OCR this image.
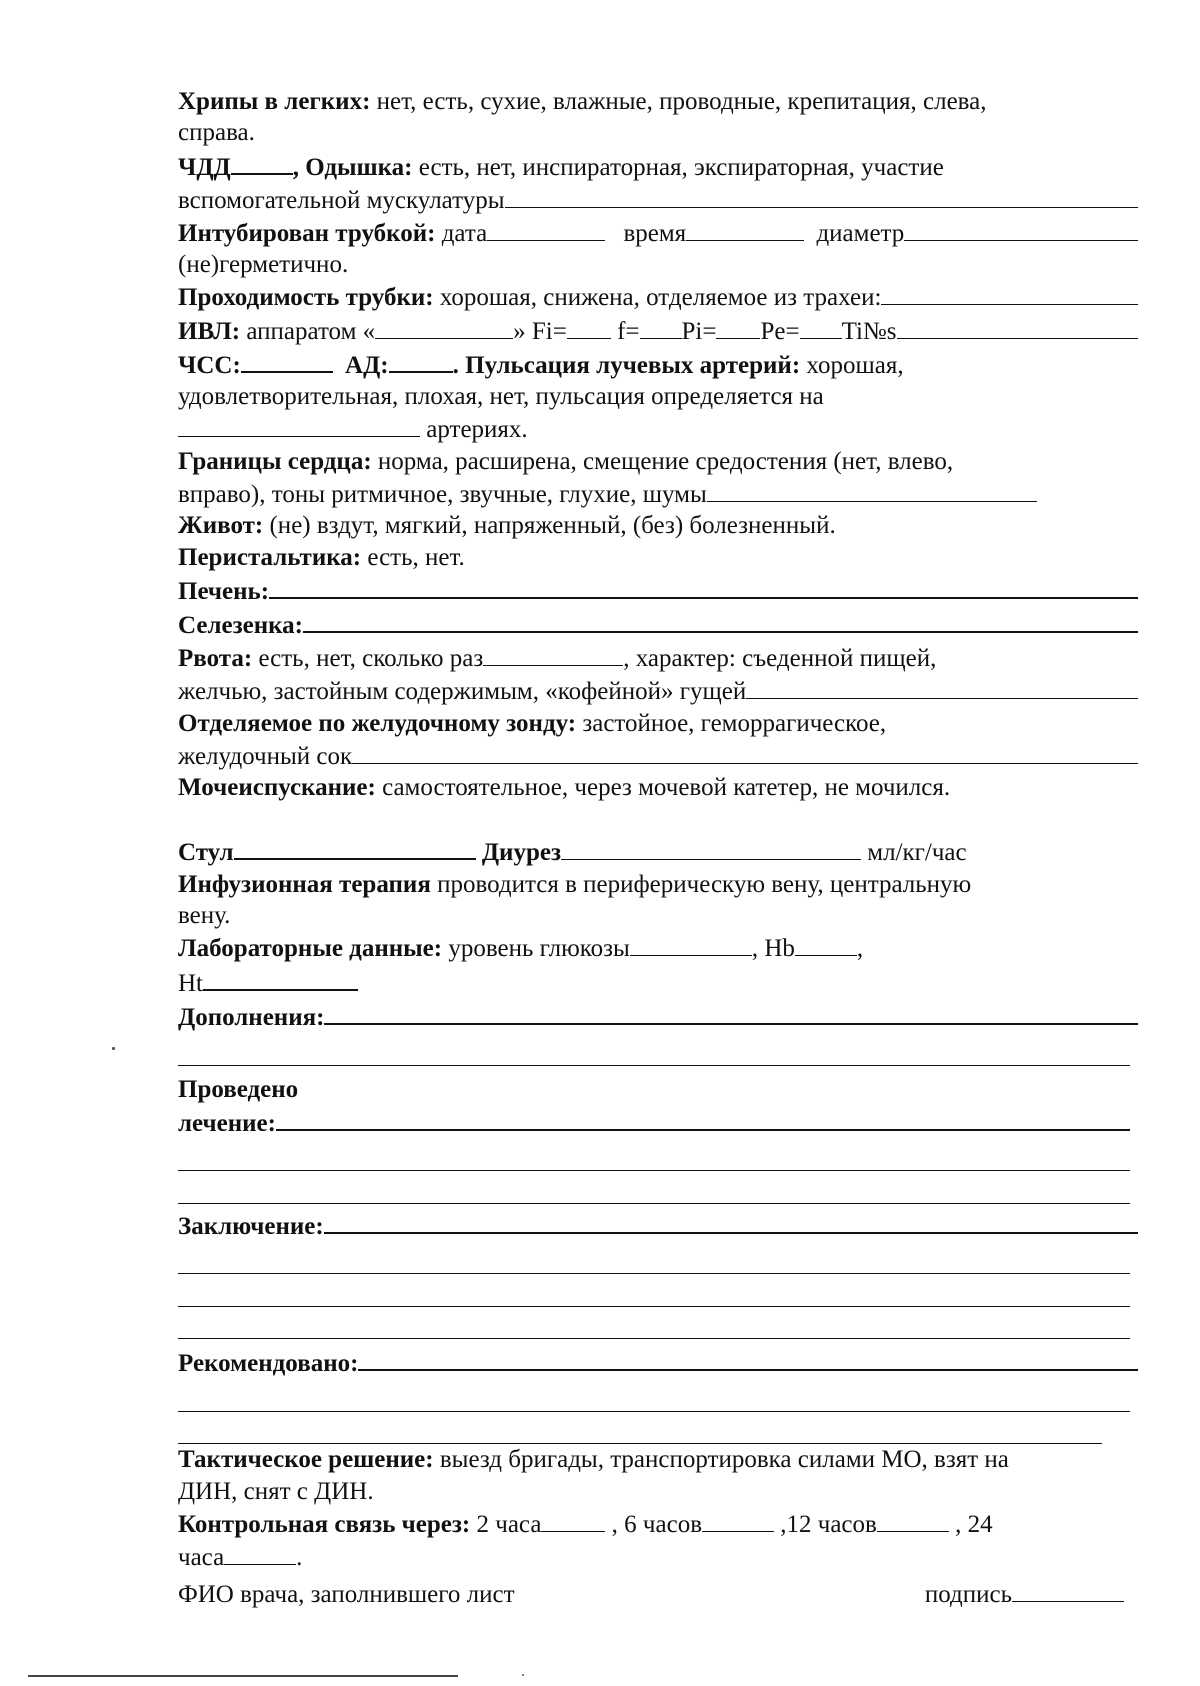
Хрипы в легких: нет, есть, сухие, влажные, проводные, крепитация, слева,
справа.
ЧДД , Одышка: есть, нет, инспираторная, экспираторная, участие
вспомогательной мускулатуры
Интубирован трубкой: дата	время	диаметр
(не)герметично.
Проходимость трубки: хорошая, снижена, отделяемое из трахеи:
ИВЛ: аппаратом «	» Fi= f= Pi= Pe= Ti№s
ЧСС:	АД:	. Пульсация лучевых артерий: хорошая,
удовлетворительная, плохая, нет, пульсация определяется на
артериях.
Границы сердца: норма, расширена, смещение средостения (нет, влево,
вправо), тоны ритмичное, звучные, глухие, шумы
Живот: (не) вздут, мягкий, напряженный, (без) болезненный.
Перистальтика: есть, нет.
Печень:
Селезенка:
Рвота: есть, нет, сколько раз	, характер: съеденной пищей,
желчью, застойным содержимым, «кофейной» гущей
Отделяемое по желудочному зонду: застойное, геморрагическое,
желудочный сок
Мочеиспускание: самостоятельное, через мочевой катетер, не мочился.
Стул	Диурез	мл/кг/час
Инфузионная терапия проводится в периферическую вену, центральную
вену.
Лабораторные данные: уровень глюкозы	, Hb ,
Ht
Дополнения:
Проведено
лечение:
Заключение:
Рекомендовано:
Тактическое решение: выезд бригады, транспортировка силами МО, взят на
ДИН, снят с ДИН.
Контрольная связь через: 2 часа	, 6 часов	,12 часов	, 24
часа	.
ФИО врача, заполнившего лист	подпись
